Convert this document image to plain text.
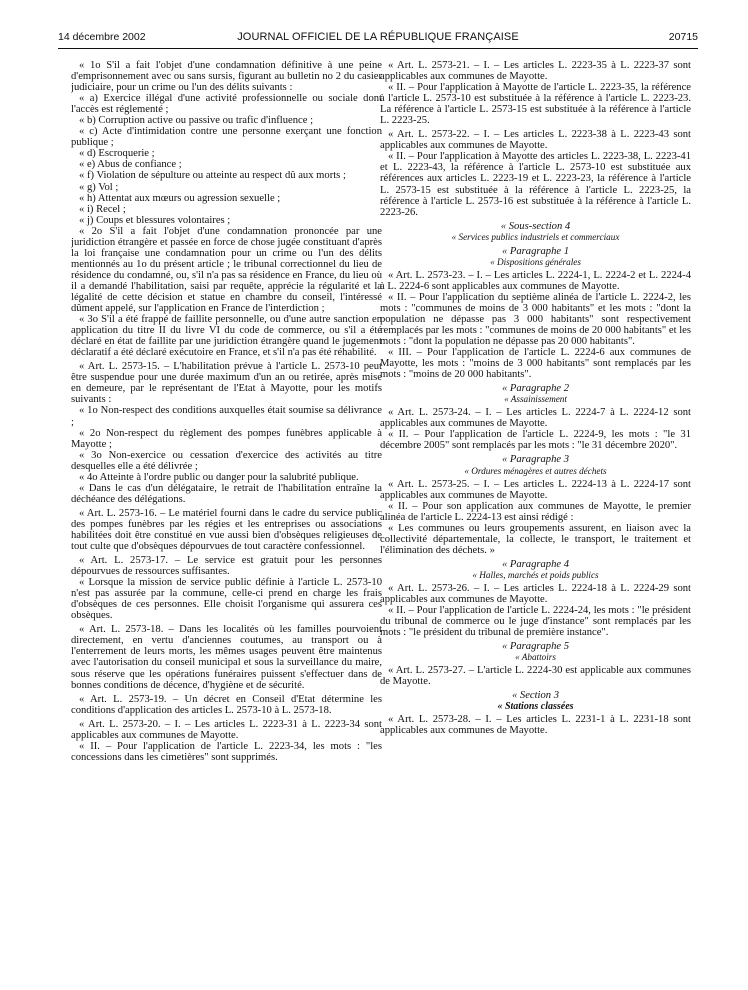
14 décembre 2002	JOURNAL OFFICIEL DE LA RÉPUBLIQUE FRANÇAISE	20715

« 1o S'il a fait l'objet d'une condamnation définitive à une peine d'emprisonnement avec ou sans sursis, figurant au bulletin no 2 du casier judiciaire, pour un crime ou l'un des délits suivants :

« a) Exercice illégal d'une activité professionnelle ou sociale dont l'accès est réglementé ;

« b) Corruption active ou passive ou trafic d'influence ;

« c) Acte d'intimidation contre une personne exerçant une fonction publique ;

« d) Escroquerie ;

« e) Abus de confiance ;

« f) Violation de sépulture ou atteinte au respect dû aux morts ;

« g) Vol ;

« h) Attentat aux mœurs ou agression sexuelle ;

« i) Recel ;

« j) Coups et blessures volontaires ;

« 2o S'il a fait l'objet d'une condamnation prononcée par une juridiction étrangère et passée en force de chose jugée constituant d'après la loi française une condamnation pour un crime ou l'un des délits mentionnés au 1o du présent article ; le tribunal correctionnel du lieu de résidence du condamné, ou, s'il n'a pas sa résidence en France, du lieu où il a demandé l'habilitation, saisi par requête, apprécie la régularité et la légalité de cette décision et statue en chambre du conseil, l'intéressé dûment appelé, sur l'application en France de l'interdiction ;

« 3o S'il a été frappé de faillite personnelle, ou d'une autre sanction en application du titre II du livre VI du code de commerce, ou s'il a été déclaré en état de faillite par une juridiction étrangère quand le jugement déclaratif a été déclaré exécutoire en France, et s'il n'a pas été réhabilité.

« Art. L. 2573-15. – L'habilitation prévue à l'article L. 2573-10 peut être suspendue pour une durée maximum d'un an ou retirée, après mise en demeure, par le représentant de l'Etat à Mayotte, pour les motifs suivants :

« 1o Non-respect des conditions auxquelles était soumise sa délivrance ;

« 2o Non-respect du règlement des pompes funèbres applicable à Mayotte ;

« 3o Non-exercice ou cessation d'exercice des activités au titre desquelles elle a été délivrée ;

« 4o Atteinte à l'ordre public ou danger pour la salubrité publique.

« Dans le cas d'un délégataire, le retrait de l'habilitation entraîne la déchéance des délégations.

« Art. L. 2573-16. – Le matériel fourni dans le cadre du service public des pompes funèbres par les régies et les entreprises ou associations habilitées doit être constitué en vue aussi bien d'obsèques religieuses de tout culte que d'obsèques dépourvues de tout caractère confessionnel.

« Art. L. 2573-17. – Le service est gratuit pour les personnes dépourvues de ressources suffisantes.

« Lorsque la mission de service public définie à l'article L. 2573-10 n'est pas assurée par la commune, celle-ci prend en charge les frais d'obsèques de ces personnes. Elle choisit l'organisme qui assurera ces obsèques.

« Art. L. 2573-18. – Dans les localités où les familles pourvoient directement, en vertu d'anciennes coutumes, au transport ou à l'enterrement de leurs morts, les mêmes usages peuvent être maintenus avec l'autorisation du conseil municipal et sous la surveillance du maire, sous réserve que les opérations funéraires puissent s'effectuer dans de bonnes conditions de décence, d'hygiène et de sécurité.

« Art. L. 2573-19. – Un décret en Conseil d'Etat détermine les conditions d'application des articles L. 2573-10 à L. 2573-18.

« Art. L. 2573-20. – I. – Les articles L. 2223-31 à L. 2223-34 sont applicables aux communes de Mayotte.

« II. – Pour l'application de l'article L. 2223-34, les mots : "les concessions dans les cimetières" sont supprimés.

« Art. L. 2573-21. – I. – Les articles L. 2223-35 à L. 2223-37 sont applicables aux communes de Mayotte.

« II. – Pour l'application à Mayotte de l'article L. 2223-35, la référence à l'article L. 2573-10 est substituée à la référence à l'article L. 2223-23. La référence à l'article L. 2573-15 est substituée à la référence à l'article L. 2223-25.

« Art. L. 2573-22. – I. – Les articles L. 2223-38 à L. 2223-43 sont applicables aux communes de Mayotte.

« II. – Pour l'application à Mayotte des articles L. 2223-38, L. 2223-41 et L. 2223-43, la référence à l'article L. 2573-10 est substituée aux références aux articles L. 2223-19 et L. 2223-23, la référence à l'article L. 2573-15 est substituée à la référence à l'article L. 2223-25, la référence à l'article L. 2573-16 est substituée à la référence à l'article L. 2223-26.

« Sous-section 4

« Services publics industriels et commerciaux

« Paragraphe 1

« Dispositions générales

« Art. L. 2573-23. – I. – Les articles L. 2224-1, L. 2224-2 et L. 2224-4 à L. 2224-6 sont applicables aux communes de Mayotte.

« II. – Pour l'application du septième alinéa de l'article L. 2224-2, les mots : "communes de moins de 3 000 habitants" et les mots : "dont la population ne dépasse pas 3 000 habitants" sont respectivement remplacés par les mots : "communes de moins de 20 000 habitants" et les mots : "dont la population ne dépasse pas 20 000 habitants".

« III. – Pour l'application de l'article L. 2224-6 aux communes de Mayotte, les mots : "moins de 3 000 habitants" sont remplacés par les mots : "moins de 20 000 habitants".

« Paragraphe 2

« Assainissement

« Art. L. 2573-24. – I. – Les articles L. 2224-7 à L. 2224-12 sont applicables aux communes de Mayotte.

« II. – Pour l'application de l'article L. 2224-9, les mots : "le 31 décembre 2005" sont remplacés par les mots : "le 31 décembre 2020".

« Paragraphe 3

« Ordures ménagères et autres déchets

« Art. L. 2573-25. – I. – Les articles L. 2224-13 à L. 2224-17 sont applicables aux communes de Mayotte.

« II. – Pour son application aux communes de Mayotte, le premier alinéa de l'article L. 2224-13 est ainsi rédigé :

« Les communes ou leurs groupements assurent, en liaison avec la collectivité départementale, la collecte, le transport, le traitement et l'élimination des déchets. »

« Paragraphe 4

« Halles, marchés et poids publics

« Art. L. 2573-26. – I. – Les articles L. 2224-18 à L. 2224-29 sont applicables aux communes de Mayotte.

« II. – Pour l'application de l'article L. 2224-24, les mots : "le président du tribunal de commerce ou le juge d'instance" sont remplacés par les mots : "le président du tribunal de première instance".

« Paragraphe 5

« Abattoirs

« Art. L. 2573-27. – L'article L. 2224-30 est applicable aux communes de Mayotte.

« Section 3

« Stations classées

« Art. L. 2573-28. – I. – Les articles L. 2231-1 à L. 2231-18 sont applicables aux communes de Mayotte.
